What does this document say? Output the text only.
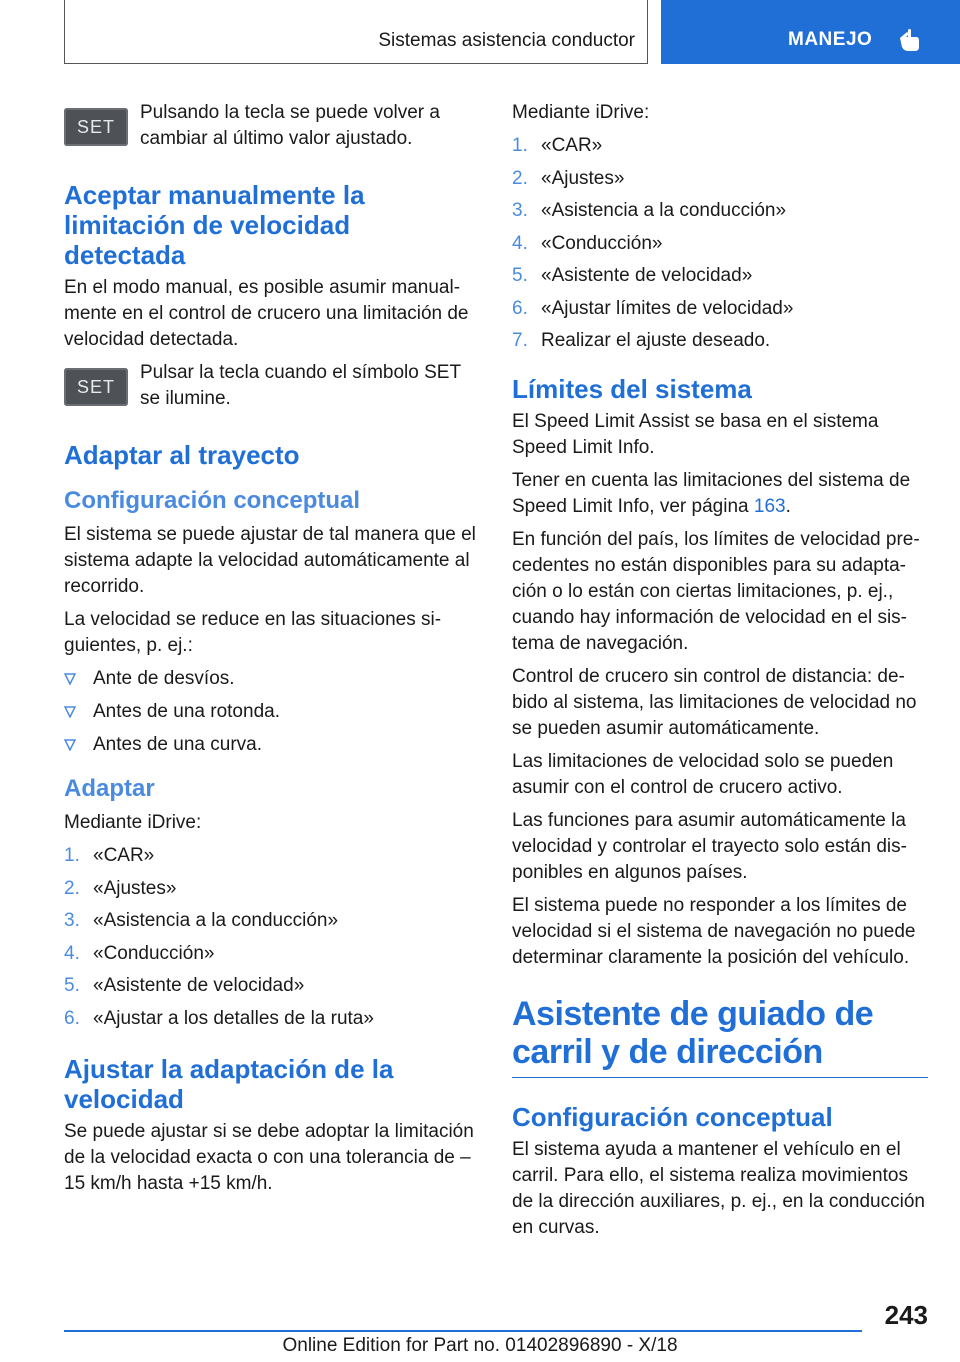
Sistemas asistencia conductor	MANEJO
SET

Pulsando la tecla se puede volver a cambiar al último valor ajustado.

Aceptar manualmente la limitación de velocidad detectada

En el modo manual, es posible asumir manual-mente en el control de crucero una limitación de velocidad detectada.

SET

Pulsar la tecla cuando el símbolo SET se ilumine.

Adaptar al trayecto
Configuración conceptual

El sistema se puede ajustar de tal manera que el sistema adapte la velocidad automáticamente al recorrido.

La velocidad se reduce en las situaciones si-guientes, p. ej.:

Ante de desvíos.
Antes de una rotonda.
Antes de una curva.
Adaptar

Mediante iDrive:

1. «CAR»
2. «Ajustes»
3. «Asistencia a la conducción»
4. «Conducción»
5. «Asistente de velocidad»
6. «Ajustar a los detalles de la ruta»
Ajustar la adaptación de la velocidad

Se puede ajustar si se debe adoptar la limitación de la velocidad exacta o con una tolerancia de ‒ 15 km/h hasta +15 km/h.

Mediante iDrive:

1. «CAR»
2. «Ajustes»
3. «Asistencia a la conducción»
4. «Conducción»
5. «Asistente de velocidad»
6. «Ajustar límites de velocidad»
7. Realizar el ajuste deseado.
Límites del sistema

El Speed Limit Assist se basa en el sistema Speed Limit Info.

Tener en cuenta las limitaciones del sistema de Speed Limit Info, ver página 163.

En función del país, los límites de velocidad pre-cedentes no están disponibles para su adapta-ción o lo están con ciertas limitaciones, p. ej., cuando hay información de velocidad en el sis-tema de navegación.

Control de crucero sin control de distancia: de-bido al sistema, las limitaciones de velocidad no se pueden asumir automáticamente.

Las limitaciones de velocidad solo se pueden asumir con el control de crucero activo.

Las funciones para asumir automáticamente la velocidad y controlar el trayecto solo están dis-ponibles en algunos países.

El sistema puede no responder a los límites de velocidad si el sistema de navegación no puede determinar claramente la posición del vehículo.

Asistente de guiado de carril y de dirección
Configuración conceptual

El sistema ayuda a mantener el vehículo en el carril. Para ello, el sistema realiza movimientos de la dirección auxiliares, p. ej., en la conducción en curvas.

243
Online Edition for Part no. 01402896890 - X/18
